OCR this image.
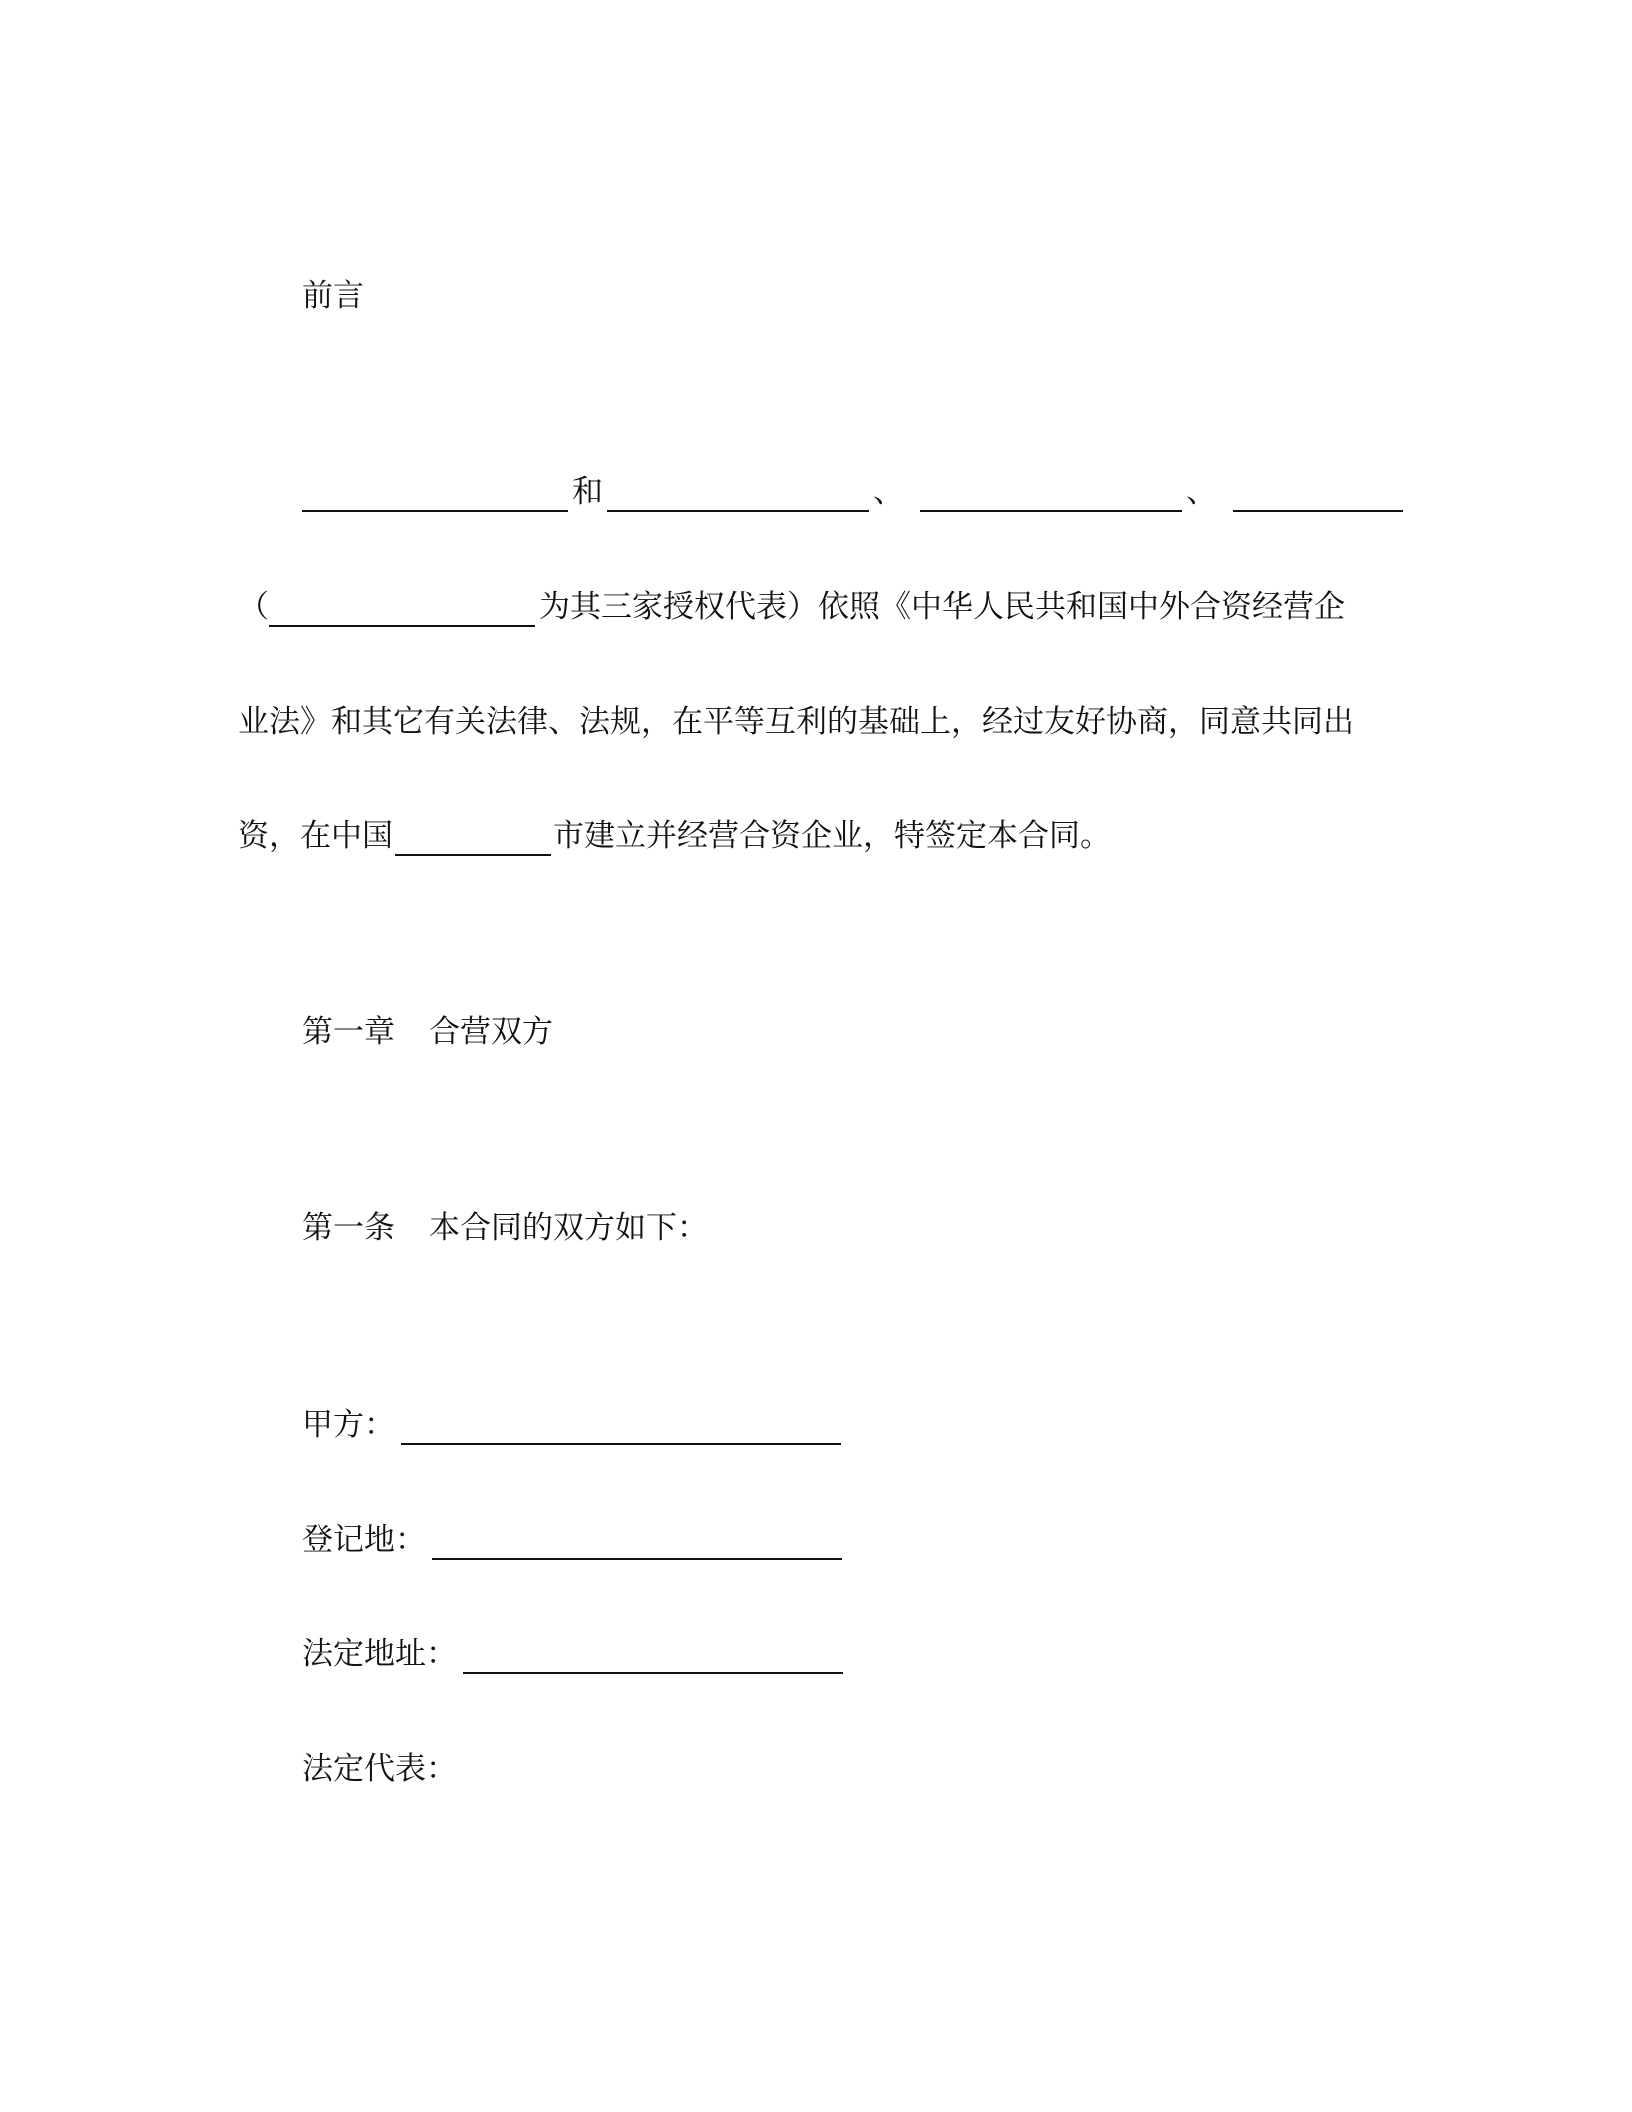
前言
和	、	、
（	为其三家授权代表）依照《中华人民共和国中外合资经营企
业法》和其它有关法律、法规，在平等互利的基础上，经过友好协商，同意共同出
资，在中国	市建立并经营合资企业，特签定本合同。
第一章 合营双方
第一条 本合同的双方如下：
甲方：
登记地：
法定地址：
法定代表：
